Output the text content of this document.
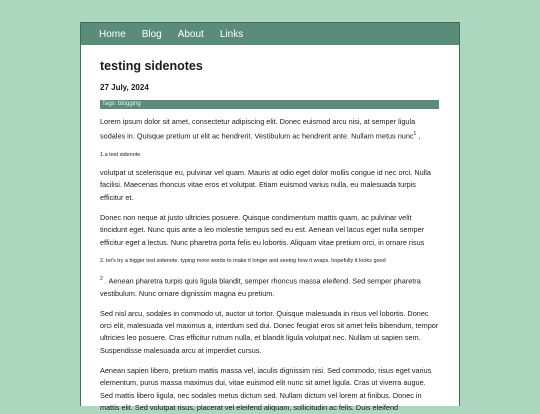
Home Blog About Links
testing sidenotes
27 July, 2024
Tags: blogging

Lorem ipsum dolor sit amet, consectetur adipiscing elit. Donec euismod arcu nisi, at semper ligula sodales in. Quisque pretium ut elit ac hendrerit. Vestibulum ac hendrerit ante. Nullam metus nunc$^1$ ,

1.a test sidenote

volutpat ut scelerisque eu, pulvinar vel quam. Mauris at odio eget dolor mollis congue id nec orci. Nulla facilisi. Maecenas rhoncus vitae eros et volutpat. Etiam euismod varius nulla, eu malesuada turpis efficitur et.

Donec non neque at justo ultricies posuere. Quisque condimentum mattis quam, ac pulvinar velit tincidunt eget. Nunc quis ante a leo molestie tempus sed eu est. Aenean vel lacus eget nulla semper efficitur eget a lectus. Nunc pharetra porta felis eu lobortis. Aliquam vitae pretium orci, in ornare risus

2. let's try a bigger test sidenote. typing more words to make it longer and seeing how it wraps. hopefully it looks good

$^2$ . Aenean pharetra turpis quis ligula blandit, semper rhoncus massa eleifend. Sed semper pharetra vestibulum. Nunc ornare dignissim magna eu pretium.

Sed nisl arcu, sodales in commodo ut, auctor ut tortor. Quisque malesuada in risus vel lobortis. Donec orci elit, malesuada vel maximus a, interdum sed dui. Donec feugiat eros sit amet felis bibendum, tempor ultricies leo posuere. Cras efficitur rutrum nulla, et blandit ligula volutpat nec. Nullam ut sapien sem. Suspendisse malesuada arcu at imperdiet cursus.

Aenean sapien libero, pretium mattis massa vel, iaculis dignissim nisi. Sed commodo, risus eget varius elementum, purus massa maximus dui, vitae euismod elit nunc sit amet ligula. Cras ut viverra augue. Sed mattis libero ligula, nec sodales metus dictum sed. Nullam dictum vel lorem at finibus. Donec in mattis elit. Sed volutpat risus, placerat vel eleifend aliquam, sollicitudin ac felis. Duis eleifend
